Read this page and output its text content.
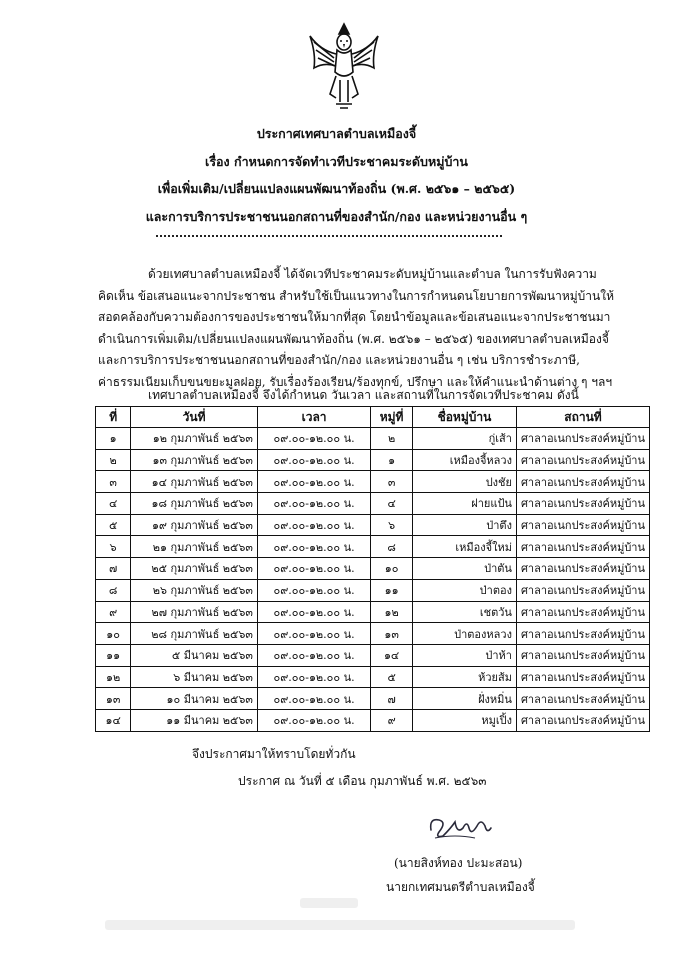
ประกาศเทศบาลตำบลเหมืองจี้
เรื่อง กำหนดการจัดทำเวทีประชาคมระดับหมู่บ้าน
เพื่อเพิ่มเติม/เปลี่ยนแปลงแผนพัฒนาท้องถิ่น (พ.ศ. ๒๕๖๑ – ๒๕๖๕)
และการบริการประชาชนนอกสถานที่ของสำนัก/กอง และหน่วยงานอื่น ๆ
ด้วยเทศบาลตำบลเหมืองจี้ ได้จัดเวทีประชาคมระดับหมู่บ้านและตำบล ในการรับฟังความ
คิดเห็น ข้อเสนอแนะจากประชาชน สำหรับใช้เป็นแนวทางในการกำหนดนโยบายการพัฒนาหมู่บ้านให้
สอดคล้องกับความต้องการของประชาชนให้มากที่สุด โดยนำข้อมูลและข้อเสนอแนะจากประชาชนมา
ดำเนินการเพิ่มเติม/เปลี่ยนแปลงแผนพัฒนาท้องถิ่น (พ.ศ. ๒๕๖๑ – ๒๕๖๕) ของเทศบาลตำบลเหมืองจี้
และการบริการประชาชนนอกสถานที่ของสำนัก/กอง และหน่วยงานอื่น ๆ เช่น บริการชำระภาษี,
ค่าธรรมเนียมเก็บขนขยะมูลฝอย, รับเรื่องร้องเรียน/ร้องทุกข์, ปรึกษา และให้คำแนะนำด้านต่าง ๆ ฯลฯ
เทศบาลตำบลเหมืองจี้ จึงได้กำหนด วันเวลา และสถานที่ในการจัดเวทีประชาคม ดังนี้
ที่	วันที่	เวลา	หมู่ที่	ชื่อหมู่บ้าน	สถานที่
๑	๑๒ กุมภาพันธ์ ๒๕๖๓	๐๙.๐๐-๑๒.๐๐ น.	๒	กู่เส้า	ศาลาอเนกประสงค์หมู่บ้าน
๒	๑๓ กุมภาพันธ์ ๒๕๖๓	๐๙.๐๐-๑๒.๐๐ น.	๑	เหมืองจี้หลวง	ศาลาอเนกประสงค์หมู่บ้าน
๓	๑๔ กุมภาพันธ์ ๒๕๖๓	๐๙.๐๐-๑๒.๐๐ น.	๓	ปงชัย	ศาลาอเนกประสงค์หมู่บ้าน
๔	๑๘ กุมภาพันธ์ ๒๕๖๓	๐๙.๐๐-๑๒.๐๐ น.	๔	ฝายแป้น	ศาลาอเนกประสงค์หมู่บ้าน
๕	๑๙ กุมภาพันธ์ ๒๕๖๓	๐๙.๐๐-๑๒.๐๐ น.	๖	ป่าตึง	ศาลาอเนกประสงค์หมู่บ้าน
๖	๒๑ กุมภาพันธ์ ๒๕๖๓	๐๙.๐๐-๑๒.๐๐ น.	๘	เหมืองจี้ใหม่	ศาลาอเนกประสงค์หมู่บ้าน
๗	๒๕ กุมภาพันธ์ ๒๕๖๓	๐๙.๐๐-๑๒.๐๐ น.	๑๐	ป่าตัน	ศาลาอเนกประสงค์หมู่บ้าน
๘	๒๖ กุมภาพันธ์ ๒๕๖๓	๐๙.๐๐-๑๒.๐๐ น.	๑๑	ป่าตอง	ศาลาอเนกประสงค์หมู่บ้าน
๙	๒๗ กุมภาพันธ์ ๒๕๖๓	๐๙.๐๐-๑๒.๐๐ น.	๑๒	เชตวัน	ศาลาอเนกประสงค์หมู่บ้าน
๑๐	๒๘ กุมภาพันธ์ ๒๕๖๓	๐๙.๐๐-๑๒.๐๐ น.	๑๓	ป่าตองหลวง	ศาลาอเนกประสงค์หมู่บ้าน
๑๑	๕ มีนาคม ๒๕๖๓	๐๙.๐๐-๑๒.๐๐ น.	๑๔	ป่าห้า	ศาลาอเนกประสงค์หมู่บ้าน
๑๒	๖ มีนาคม ๒๕๖๓	๐๙.๐๐-๑๒.๐๐ น.	๕	ห้วยส้ม	ศาลาอเนกประสงค์หมู่บ้าน
๑๓	๑๐ มีนาคม ๒๕๖๓	๐๙.๐๐-๑๒.๐๐ น.	๗	ฝั่งหมิ่น	ศาลาอเนกประสงค์หมู่บ้าน
๑๔	๑๑ มีนาคม ๒๕๖๓	๐๙.๐๐-๑๒.๐๐ น.	๙	หมูเปิ้ง	ศาลาอเนกประสงค์หมู่บ้าน
จึงประกาศมาให้ทราบโดยทั่วกัน
ประกาศ ณ วันที่ ๕ เดือน กุมภาพันธ์ พ.ศ. ๒๕๖๓
(นายสิงห์ทอง ปะมะสอน)
นายกเทศมนตรีตำบลเหมืองจี้
